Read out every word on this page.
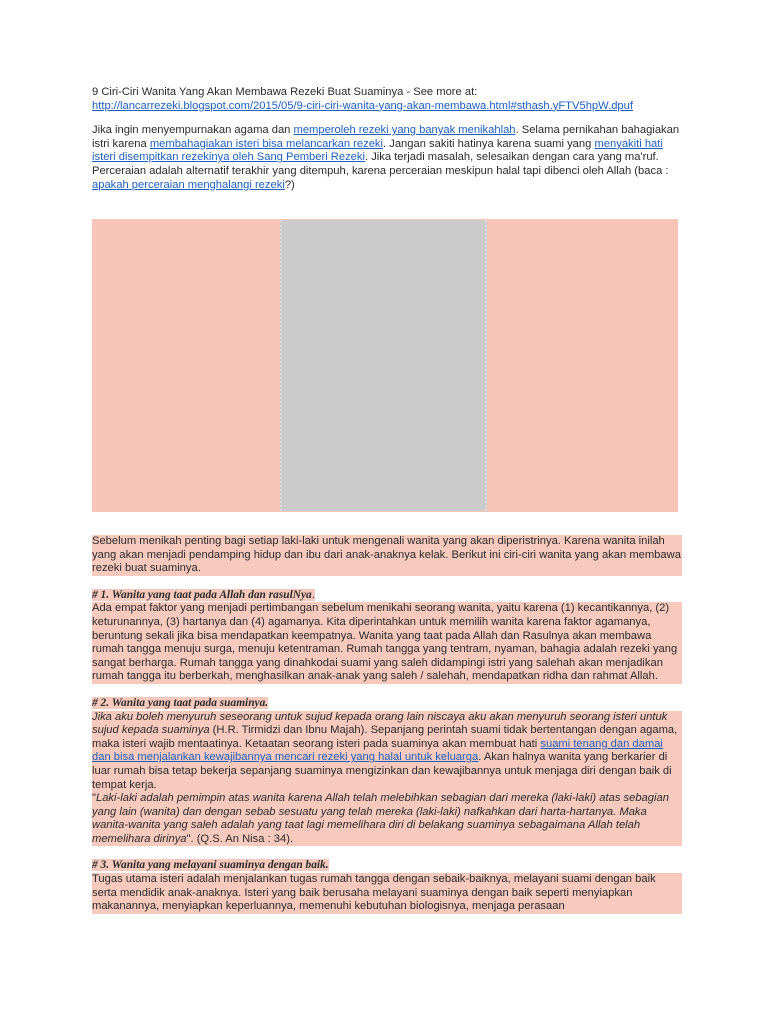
9 Ciri-Ciri Wanita Yang Akan Membawa Rezeki Buat Suaminya - See more at:

http://lancarrezeki.blogspot.com/2015/05/9-ciri-ciri-wanita-yang-akan-membawa.html#sthash.yFTV5hpW.dpuf

Jika ingin menyempurnakan agama dan memperoleh rezeki yang banyak menikahlah. Selama pernikahan bahagiakan istri karena membahagiakan isteri bisa melancarkan rezeki. Jangan sakiti hatinya karena suami yang menyakiti hati isteri disempitkan rezekinya oleh Sang Pemberi Rezeki. Jika terjadi masalah, selesaikan dengan cara yang ma'ruf. Perceraian adalah alternatif terakhir yang ditempuh, karena perceraian meskipun halal tapi dibenci oleh Allah (baca : apakah perceraian menghalangi rezeki?)

Sebelum menikah penting bagi setiap laki-laki untuk mengenali wanita yang akan diperistrinya. Karena wanita inilah yang akan menjadi pendamping hidup dan ibu dari anak-anaknya kelak. Berikut ini ciri-ciri wanita yang akan membawa rezeki buat suaminya.

# 1. Wanita yang taat pada Allah dan rasulNya.

Ada empat faktor yang menjadi pertimbangan sebelum menikahi seorang wanita, yaitu karena (1) kecantikannya, (2) keturunannya, (3) hartanya dan (4) agamanya. Kita diperintahkan untuk memilih wanita karena faktor agamanya, beruntung sekali jika bisa mendapatkan keempatnya. Wanita yang taat pada Allah dan Rasulnya akan membawa rumah tangga menuju surga, menuju ketentraman. Rumah tangga yang tentram, nyaman, bahagia adalah rezeki yang sangat berharga. Rumah tangga yang dinahkodai suami yang saleh didampingi istri yang salehah akan menjadikan rumah tangga itu berberkah, menghasilkan anak-anak yang saleh / salehah, mendapatkan ridha dan rahmat Allah.

# 2. Wanita yang taat pada suaminya.

Jika aku boleh menyuruh seseorang untuk sujud kepada orang lain niscaya aku akan menyuruh seorang isteri untuk sujud kepada suaminya (H.R. Tirmidzi dan Ibnu Majah). Sepanjang perintah suami tidak bertentangan dengan agama, maka isteri wajib mentaatinya. Ketaatan seorang isteri pada suaminya akan membuat hati suami tenang dan damai dan bisa menjalankan kewajibannya mencari rezeki yang halal untuk keluarga. Akan halnya wanita yang berkarier di luar rumah bisa tetap bekerja sepanjang suaminya mengizinkan dan kewajibannya untuk menjaga diri dengan baik di tempat kerja.

"Laki-laki adalah pemimpin atas wanita karena Allah telah melebihkan sebagian dari mereka (laki-laki) atas sebagian yang lain (wanita) dan dengan sebab sesuatu yang telah mereka (laki-laki) nafkahkan dari harta-hartanya. Maka wanita-wanita yang saleh adalah yang taat lagi memelihara diri di belakang suaminya sebagaimana Allah telah memelihara dirinya". (Q.S. An Nisa : 34).

# 3. Wanita yang melayani suaminya dengan baik.

Tugas utama isteri adalah menjalankan tugas rumah tangga dengan sebaik-baiknya, melayani suami dengan baik serta mendidik anak-anaknya. Isteri yang baik berusaha melayani suaminya dengan baik seperti menyiapkan makanannya, menyiapkan keperluannya, memenuhi kebutuhan biologisnya, menjaga perasaan
